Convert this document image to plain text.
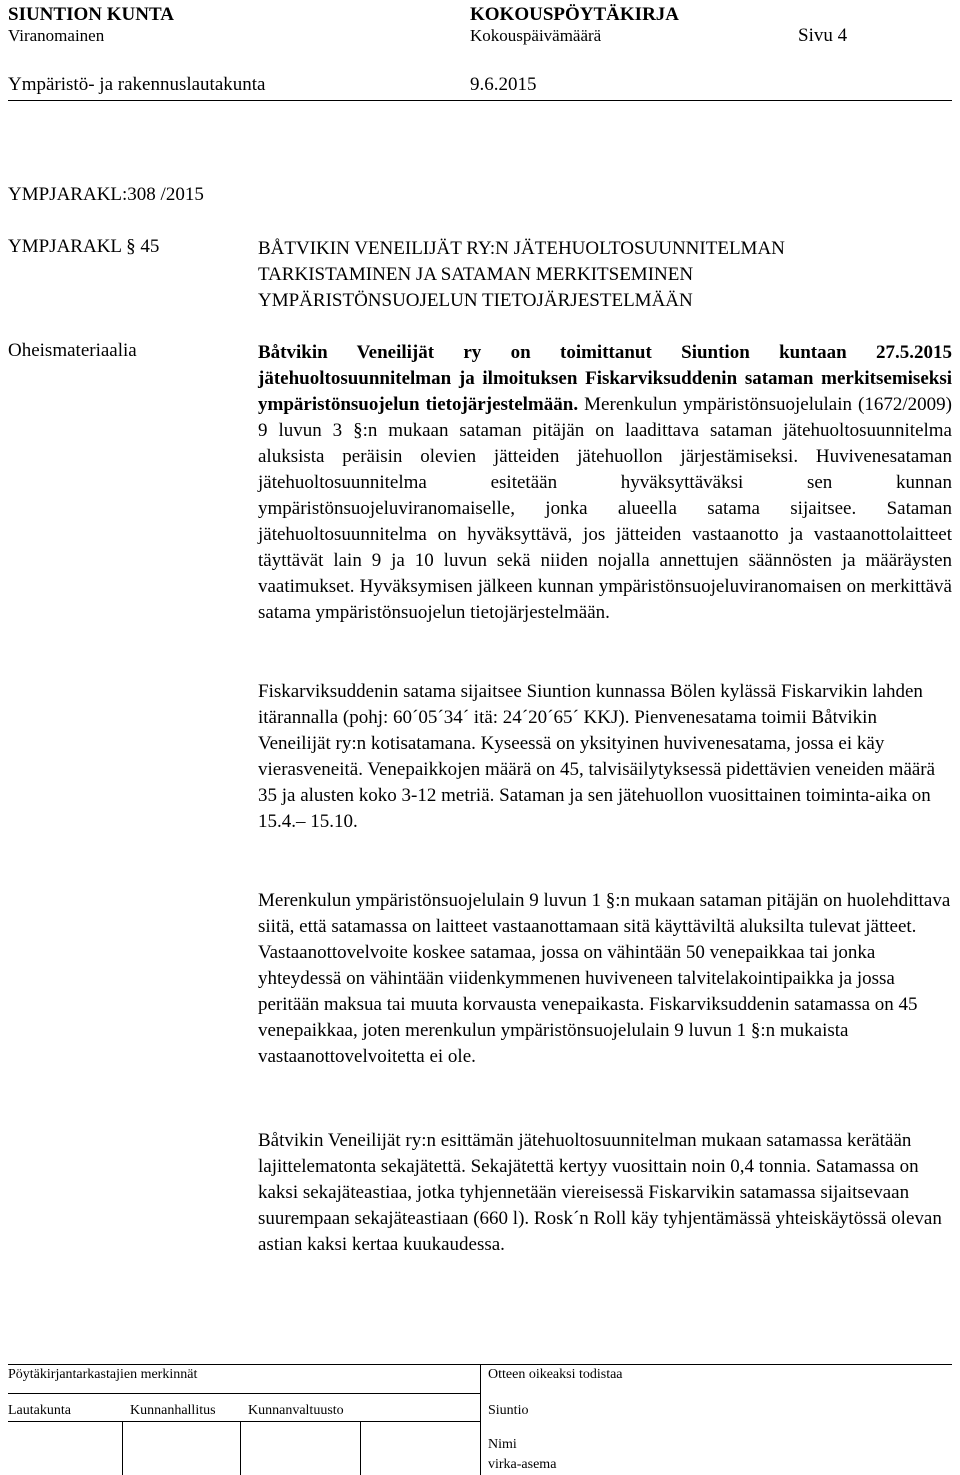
SIUNTION KUNTA	KOKOUSPÖYTÄKIRJA
Viranomainen	Kokouspäivämäärä	Sivu 4
Ympäristö- ja rakennuslautakunta	9.6.2015
YMPJARAKL:308 /2015
YMPJARAKL § 45	BÅTVIKIN VENEILIJÄT RY:N JÄTEHUOLTOSUUNNITELMAN
TARKISTAMINEN JA SATAMAN MERKITSEMINEN
YMPÄRISTÖNSUOJELUN TIETOJÄRJESTELMÄÄN
Oheismateriaalia	Båtvikin Veneilijät ry on toimittanut Siuntion kuntaan 27.5.2015 jätehuoltosuunnitelman ja ilmoituksen Fiskarviksuddenin sataman merkitsemiseksi ympäristönsuojelun tietojärjestelmään. Merenkulun ympäristönsuojelulain (1672/2009) 9 luvun 3 §:n mukaan sataman pitäjän on laadittava sataman jätehuoltosuunnitelma aluksista peräisin olevien jätteiden jätehuollon järjestämiseksi. Huvivenesataman jätehuoltosuunnitelma esitetään hyväksyttäväksi sen kunnan ympäristönsuojeluviranomaiselle, jonka alueella satama sijaitsee. Sataman jätehuoltosuunnitelma on hyväksyttävä, jos jätteiden vastaanotto ja vastaanottolaitteet täyttävät lain 9 ja 10 luvun sekä niiden nojalla annettujen säännösten ja määräysten vaatimukset. Hyväksymisen jälkeen kunnan ympäristönsuojeluviranomaisen on merkittävä satama ympäristönsuojelun tietojärjestelmään.

Fiskarviksuddenin satama sijaitsee Siuntion kunnassa Bölen kylässä Fiskarvikin lahden itärannalla (pohj: 60´05´34´ itä: 24´20´65´ KKJ). Pienvenesatama toimii Båtvikin Veneilijät ry:n kotisatamana. Kyseessä on yksityinen huvivenesatama, jossa ei käy vierasveneitä. Venepaikkojen määrä on 45, talvisäilytyksessä pidettävien veneiden määrä 35 ja alusten koko 3-12 metriä. Sataman ja sen jätehuollon vuosittainen toiminta-aika on 15.4.– 15.10.

Merenkulun ympäristönsuojelulain 9 luvun 1 §:n mukaan sataman pitäjän on huolehdittava siitä, että satamassa on laitteet vastaanottamaan sitä käyttäviltä aluksilta tulevat jätteet. Vastaanottovelvoite koskee satamaa, jossa on vähintään 50 venepaikkaa tai jonka yhteydessä on vähintään viidenkymmenen huviveneen talvitelakointipaikka ja jossa peritään maksua tai muuta korvausta venepaikasta. Fiskarviksuddenin satamassa on 45 venepaikkaa, joten merenkulun ympäristönsuojelulain 9 luvun 1 §:n mukaista vastaanottovelvoitetta ei ole.

Båtvikin Veneilijät ry:n esittämän jätehuoltosuunnitelman mukaan satamassa kerätään lajittelematonta sekajätettä. Sekajätettä kertyy vuosittain noin 0,4 tonnia. Satamassa on kaksi sekajäteastiaa, jotka tyhjennetään viereisessä Fiskarvikin satamassa sijaitsevaan suurempaan sekajäteastiaan (660 l). Rosk´n Roll käy tyhjentämässä yhteiskäytössä olevan astian kaksi kertaa kuukaudessa.

Pöytäkirjantarkastajien merkinnät	Otteen oikeaksi todistaa
Lautakunta	Kunnanhallitus Kunnanvaltuusto	Siuntio
Nimi
virka-asema
